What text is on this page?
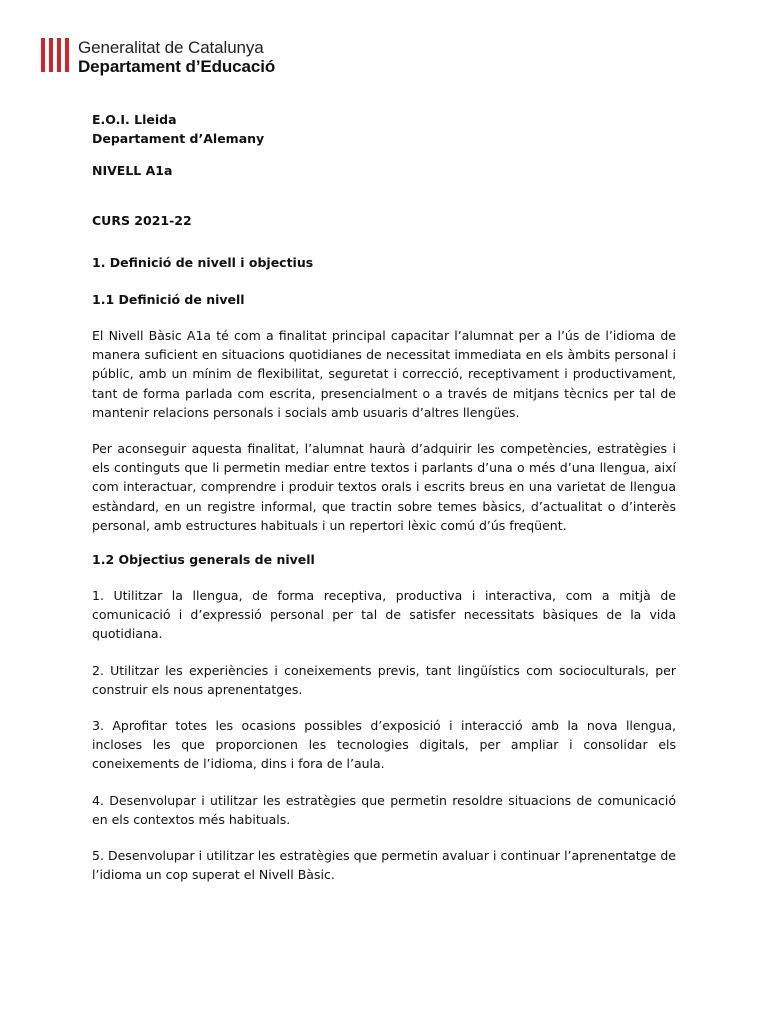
Generalitat de Catalunya
Departament d’Educació

E.O.I. Lleida

Departament d’Alemany

NIVELL A1a

CURS 2021-22

1. Definició de nivell i objectius

1.1 Definició de nivell

El Nivell Bàsic A1a té com a finalitat principal capacitar l’alumnat per a l’ús de l’idioma de manera suficient en situacions quotidianes de necessitat immediata en els àmbits personal i públic, amb un mínim de flexibilitat, seguretat i correcció, receptivament i productivament, tant de forma parlada com escrita, presencialment o a través de mitjans tècnics per tal de mantenir relacions personals i socials amb usuaris d’altres llengües.

Per aconseguir aquesta finalitat, l’alumnat haurà d’adquirir les competències, estratègies i els continguts que li permetin mediar entre textos i parlants d’una o més d’una llengua, així com interactuar, comprendre i produir textos orals i escrits breus en una varietat de llengua estàndard, en un registre informal, que tractin sobre temes bàsics, d’actualitat o d’interès personal, amb estructures habituals i un repertori lèxic comú d’ús freqüent.

1.2 Objectius generals de nivell

1. Utilitzar la llengua, de forma receptiva, productiva i interactiva, com a mitjà de comunicació i d’expressió personal per tal de satisfer necessitats bàsiques de la vida quotidiana.

2. Utilitzar les experiències i coneixements previs, tant lingüístics com socioculturals, per construir els nous aprenentatges.

3. Aprofitar totes les ocasions possibles d’exposició i interacció amb la nova llengua, incloses les que proporcionen les tecnologies digitals, per ampliar i consolidar els coneixements de l’idioma, dins i fora de l’aula.

4. Desenvolupar i utilitzar les estratègies que permetin resoldre situacions de comunicació en els contextos més habituals.

5. Desenvolupar i utilitzar les estratègies que permetin avaluar i continuar l’aprenentatge de l’idioma un cop superat el Nivell Bàsic.
